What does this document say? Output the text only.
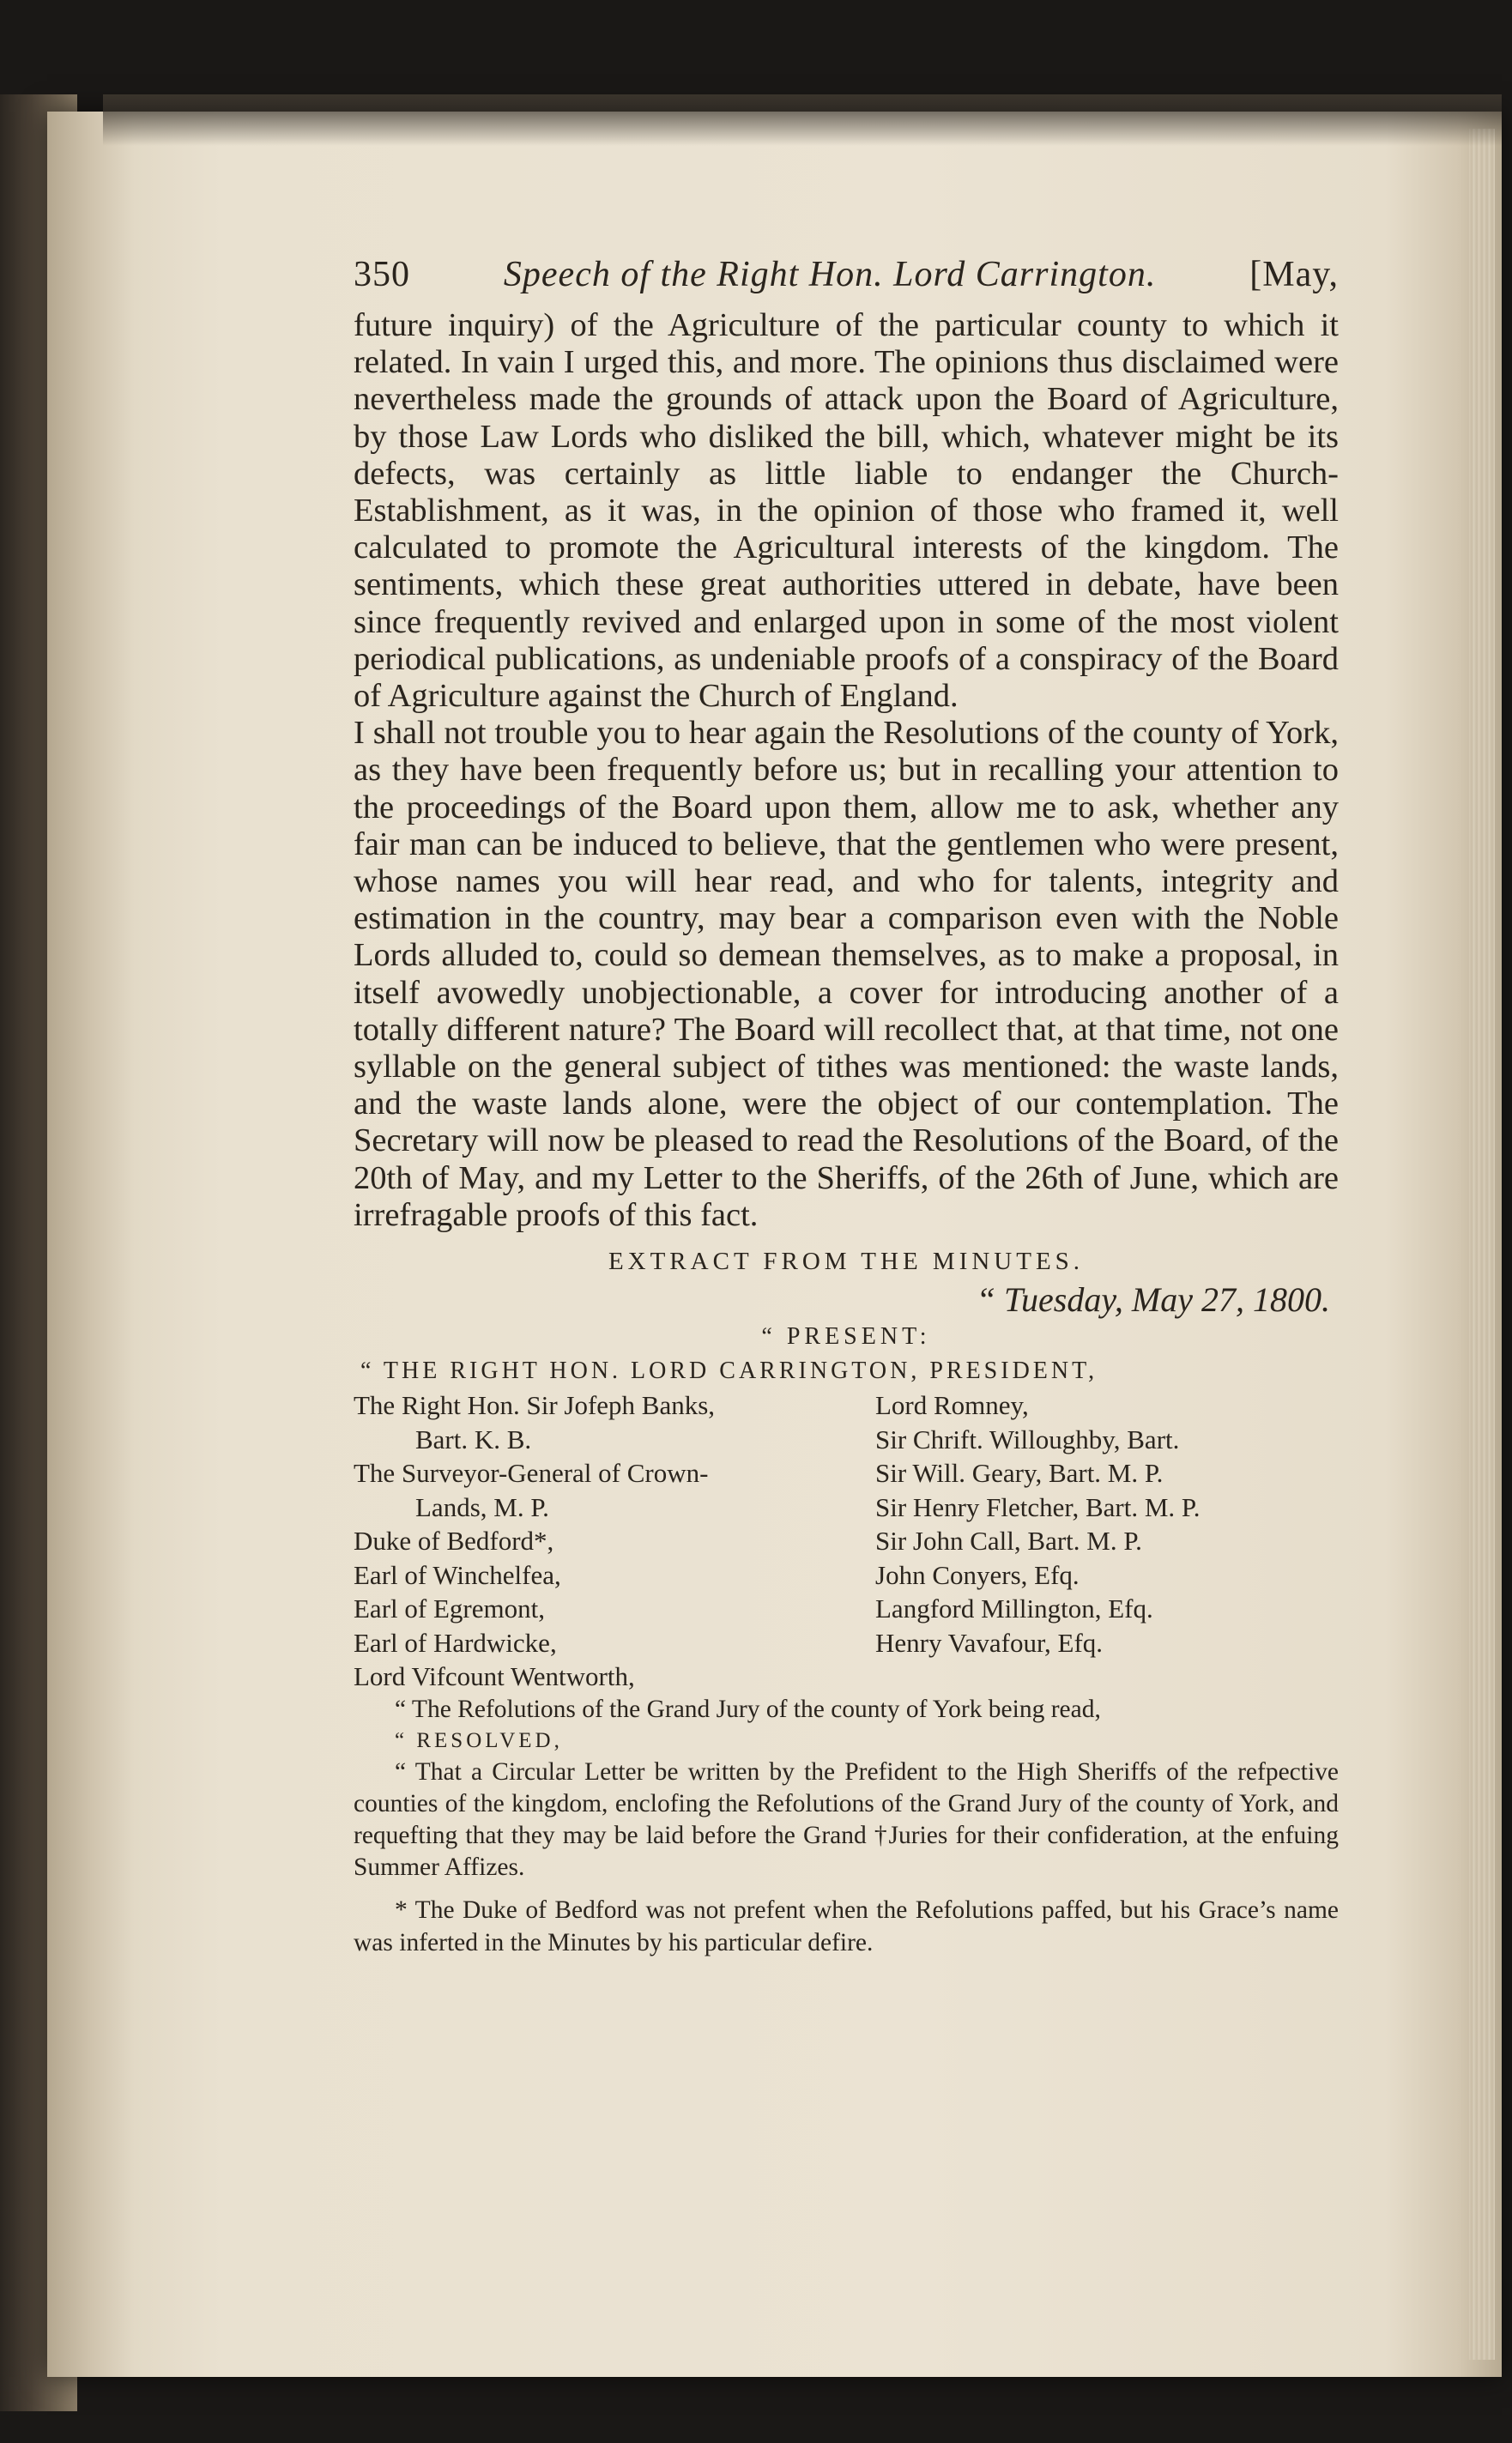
350	Speech of the Right Hon. Lord Carrington.	[May,

future inquiry) of the Agriculture of the particular county to which it related. In vain I urged this, and more. The opinions thus disclaimed were nevertheless made the grounds of attack upon the Board of Agriculture, by those Law Lords who disliked the bill, which, whatever might be its defects, was certainly as little liable to endanger the Church-Establishment, as it was, in the opinion of those who framed it, well calculated to promote the Agricultural interests of the kingdom. The sentiments, which these great authorities uttered in debate, have been since frequently revived and enlarged upon in some of the most violent periodical publications, as undeniable proofs of a conspiracy of the Board of Agriculture against the Church of England.

I shall not trouble you to hear again the Resolutions of the county of York, as they have been frequently before us; but in recalling your attention to the proceedings of the Board upon them, allow me to ask, whether any fair man can be induced to believe, that the gentlemen who were present, whose names you will hear read, and who for talents, integrity and estimation in the country, may bear a comparison even with the Noble Lords alluded to, could so demean themselves, as to make a proposal, in itself avowedly unobjectionable, a cover for introducing another of a totally different nature? The Board will recollect that, at that time, not one syllable on the general subject of tithes was mentioned: the waste lands, and the waste lands alone, were the object of our contemplation. The Secretary will now be pleased to read the Resolutions of the Board, of the 20th of May, and my Letter to the Sheriffs, of the 26th of June, which are irrefragable proofs of this fact.

EXTRACT FROM THE MINUTES.
“ Tuesday, May 27, 1800.
“ PRESENT:
“ THE RIGHT HON. LORD CARRINGTON, PRESIDENT,
The Right Hon. Sir Jofeph Banks,
Bart. K. B.
The Surveyor-General of Crown-
Lands, M. P.
Duke of Bedford*,
Earl of Winchelfea,
Earl of Egremont,
Earl of Hardwicke,
Lord Vifcount Wentworth,
Lord Romney,
Sir Chrift. Willoughby, Bart.
Sir Will. Geary, Bart. M. P.
Sir Henry Fletcher, Bart. M. P.
Sir John Call, Bart. M. P.
John Conyers, Efq.
Langford Millington, Efq.
Henry Vavafour, Efq.

“ The Refolutions of the Grand Jury of the county of York being read,

“ RESOLVED,

“ That a Circular Letter be written by the Prefident to the High Sheriffs of the refpective counties of the kingdom, enclofing the Refolutions of the Grand Jury of the county of York, and requefting that they may be laid before the Grand †Juries for their confideration, at the enfuing Summer Affizes.

* The Duke of Bedford was not prefent when the Refolutions paffed, but his Grace’s name was inferted in the Minutes by his particular defire.
